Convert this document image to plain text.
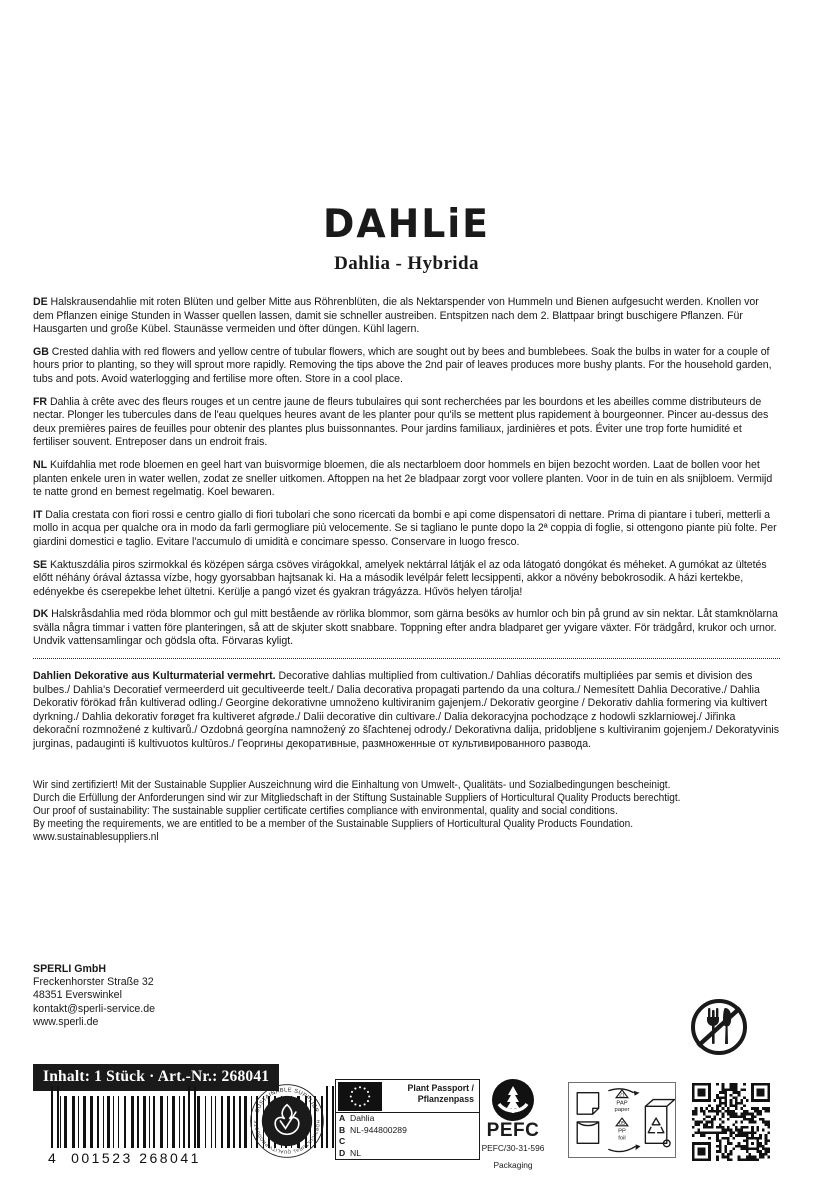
DAHLiE
Dahlia - Hybrida
DE Halskrausendahlie mit roten Blüten und gelber Mitte aus Röhrenblüten, die als Nektarspender von Hummeln und Bienen aufgesucht werden. Knollen vor dem Pflanzen einige Stunden in Wasser quellen lassen, damit sie schneller austreiben. Entspitzen nach dem 2. Blattpaar bringt buschigere Pflanzen. Für Hausgarten und große Kübel. Staunässe vermeiden und öfter düngen. Kühl lagern.
GB Crested dahlia with red flowers and yellow centre of tubular flowers, which are sought out by bees and bumblebees. Soak the bulbs in water for a couple of hours prior to planting, so they will sprout more rapidly. Removing the tips above the 2nd pair of leaves produces more bushy plants. For the household garden, tubs and pots. Avoid waterlogging and fertilise more often. Store in a cool place.
FR Dahlia à crête avec des fleurs rouges et un centre jaune de fleurs tubulaires qui sont recherchées par les bourdons et les abeilles comme distributeurs de nectar. Plonger les tubercules dans de l'eau quelques heures avant de les planter pour qu'ils se mettent plus rapidement à bourgeonner. Pincer au-dessus des deux premières paires de feuilles pour obtenir des plantes plus buissonnantes. Pour jardins familiaux, jardinières et pots. Éviter une trop forte humidité et fertiliser souvent. Entreposer dans un endroit frais.
NL Kuifdahlia met rode bloemen en geel hart van buisvormige bloemen, die als nectarbloem door hommels en bijen bezocht worden. Laat de bollen voor het planten enkele uren in water wellen, zodat ze sneller uitkomen. Aftoppen na het 2e bladpaar zorgt voor vollere planten. Voor in de tuin en als snijbloem. Vermijd te natte grond en bemest regelmatig. Koel bewaren.
IT Dalia crestata con fiori rossi e centro giallo di fiori tubolari che sono ricercati da bombi e api come dispensatori di nettare. Prima di piantare i tuberi, metterli a mollo in acqua per qualche ora in modo da farli germogliare più velocemente. Se si tagliano le punte dopo la 2ª coppia di foglie, si ottengono piante più folte. Per giardini domestici e taglio. Evitare l'accumulo di umidità e concimare spesso. Conservare in luogo fresco.
SE Kaktuszdália piros szirmokkal és középen sárga csöves virágokkal, amelyek nektárral látják el az oda látogató dongókat és méheket. A gumókat az ültetés előtt néhány órával áztassa vízbe, hogy gyorsabban hajtsanak ki. Ha a második levélpár felett lecsippenti, akkor a növény bebokrosodik. A házi kertekbe, edényekbe és cserepekbe lehet ültetni. Kerülje a pangó vizet és gyakran trágyázza. Hűvös helyen tárolja!
DK Halskråsdahlia med röda blommor och gul mitt bestående av rörlika blommor, som gärna besöks av humlor och bin på grund av sin nektar. Låt stamknölarna svälla några timmar i vatten före planteringen, så att de skjuter skott snabbare. Toppning efter andra bladparet ger yvigare växter. För trädgård, krukor och urnor. Undvik vattensamlingar och gödsla ofta. Förvaras kyligt.
Dahlien Dekorative aus Kulturmaterial vermehrt. Decorative dahlias multiplied from cultivation./ Dahlias décoratifs multipliées par semis et division des bulbes./ Dahlia's Decoratief vermeerderd uit gecultiveerde teelt./ Dalia decorativa propagati partendo da una coltura./ Nemesített Dahlia Decorative./ Dahlia Dekorativ förökad från kultiverad odling./ Georgine dekorativne umnoženo kultiviranim gajenjem./ Dekorativ georgine / Dekorativ dahlia formering via kultivert dyrkning./ Dahlia dekorativ forøget fra kultiveret afgrøde./ Dalii decorative din cultivare./ Dalia dekoracyjna pochodzące z hodowli szklarniowej./ Jiřinka dekorační rozmnožené z kultivarů./ Ozdobná georgína namnožený zo šľachtenej odrody./ Dekorativna dalija, pridobljene s kultiviranim gojenjem./ Dekoratyvinis jurginas, padauginti iš kultivuotos kultūros./ Георгины декоративные, размноженные от культивированного разводa.
Wir sind zertifiziert! Mit der Sustainable Supplier Auszeichnung wird die Einhaltung von Umwelt-, Qualitäts- und Sozialbedingungen bescheinigt.
Durch die Erfüllung der Anforderungen sind wir zur Mitgliedschaft in der Stiftung Sustainable Suppliers of Horticultural Quality Products berechtigt.
Our proof of sustainability: The sustainable supplier certificate certifies compliance with environmental, quality and social conditions.
By meeting the requirements, we are entitled to be a member of the Sustainable Suppliers of Horticultural Quality Products Foundation.
www.sustainablesuppliers.nl
SPERLI GmbH
Freckenhorster Straße 32
48351 Everswinkel
kontakt@sperli-service.de
www.sperli.de
Inhalt: 1 Stück · Art.-Nr.: 268041
4 001523 268041
SUSTAINABLE SUPPLIER
HORTICULTURAL QUALITY PRODUCTS
Plant Passport /
Pflanzenpass
A Dahlia
B NL-944800289
C
D NL
PEFC
PEFC/30-31-596
Packaging
21
PAP
paper
05
PP
foil
